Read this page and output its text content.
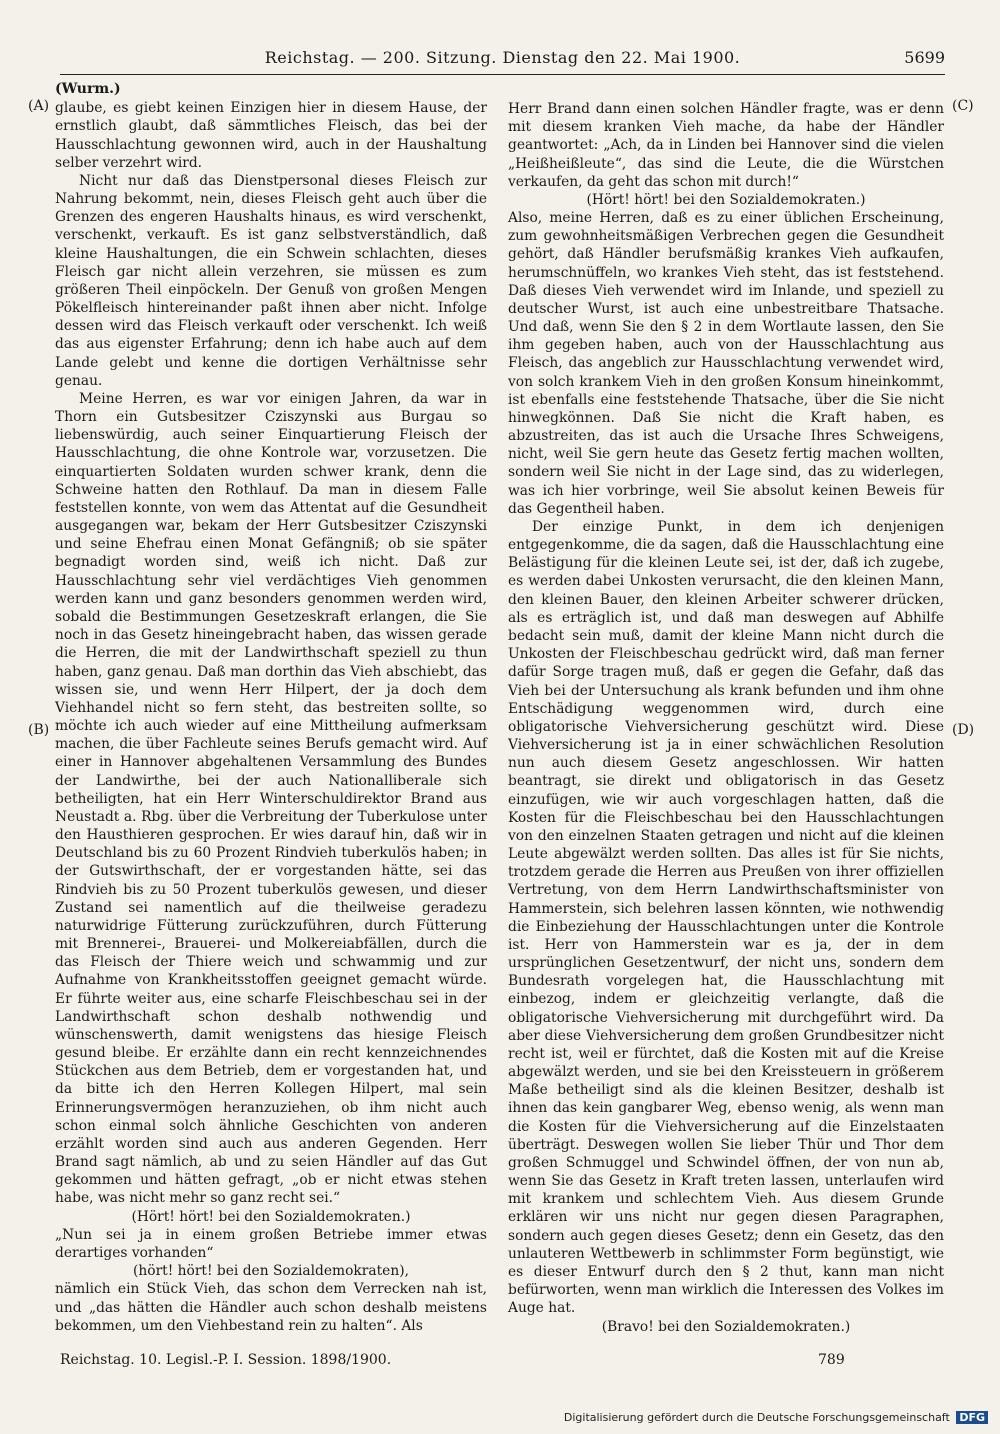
Reichstag. — 200. Sitzung. Dienstag den 22. Mai 1900.	5699
(A)
(B)
(C)
(D)
(Wurm.)

glaube, es giebt keinen Einzigen hier in diesem Hause, der ernstlich glaubt, daß sämmtliches Fleisch, das bei der Hausschlachtung gewonnen wird, auch in der Haushaltung selber verzehrt wird.

Nicht nur daß das Dienstpersonal dieses Fleisch zur Nahrung bekommt, nein, dieses Fleisch geht auch über die Grenzen des engeren Haushalts hinaus, es wird verschenkt, verschenkt, verkauft. Es ist ganz selbstverständlich, daß kleine Haushaltungen, die ein Schwein schlachten, dieses Fleisch gar nicht allein verzehren, sie müssen es zum größeren Theil einpöckeln. Der Genuß von großen Mengen Pökelfleisch hintereinander paßt ihnen aber nicht. Infolge dessen wird das Fleisch verkauft oder verschenkt. Ich weiß das aus eigenster Erfahrung; denn ich habe auch auf dem Lande gelebt und kenne die dortigen Verhältnisse sehr genau.

Meine Herren, es war vor einigen Jahren, da war in Thorn ein Gutsbesitzer Cziszynski aus Burgau so liebenswürdig, auch seiner Einquartierung Fleisch der Hausschlachtung, die ohne Kontrole war, vorzusetzen. Die einquartierten Soldaten wurden schwer krank, denn die Schweine hatten den Rothlauf. Da man in diesem Falle feststellen konnte, von wem das Attentat auf die Gesundheit ausgegangen war, bekam der Herr Gutsbesitzer Cziszynski und seine Ehefrau einen Monat Gefängniß; ob sie später begnadigt worden sind, weiß ich nicht. Daß zur Hausschlachtung sehr viel verdächtiges Vieh genommen werden kann und ganz besonders genommen werden wird, sobald die Bestimmungen Gesetzeskraft erlangen, die Sie noch in das Gesetz hineingebracht haben, das wissen gerade die Herren, die mit der Landwirthschaft speziell zu thun haben, ganz genau. Daß man dorthin das Vieh abschiebt, das wissen sie, und wenn Herr Hilpert, der ja doch dem Viehhandel nicht so fern steht, das bestreiten sollte, so möchte ich auch wieder auf eine Mittheilung aufmerksam machen, die über Fachleute seines Berufs gemacht wird. Auf einer in Hannover abgehaltenen Versammlung des Bundes der Landwirthe, bei der auch Nationalliberale sich betheiligten, hat ein Herr Winterschuldirektor Brand aus Neustadt a. Rbg. über die Verbreitung der Tuberkulose unter den Hausthieren gesprochen. Er wies darauf hin, daß wir in Deutschland bis zu 60 Prozent Rindvieh tuberkulös haben; in der Gutswirthschaft, der er vorgestanden hätte, sei das Rindvieh bis zu 50 Prozent tuberkulös gewesen, und dieser Zustand sei namentlich auf die theilweise geradezu naturwidrige Fütterung zurückzuführen, durch Fütterung mit Brennerei-, Brauerei- und Molkereiabfällen, durch die das Fleisch der Thiere weich und schwammig und zur Aufnahme von Krankheitsstoffen geeignet gemacht würde. Er führte weiter aus, eine scharfe Fleischbeschau sei in der Landwirthschaft schon deshalb nothwendig und wünschenswerth, damit wenigstens das hiesige Fleisch gesund bleibe. Er erzählte dann ein recht kennzeichnendes Stückchen aus dem Betrieb, dem er vorgestanden hat, und da bitte ich den Herren Kollegen Hilpert, mal sein Erinnerungsvermögen heranzuziehen, ob ihm nicht auch schon einmal solch ähnliche Geschichten von anderen erzählt worden sind auch aus anderen Gegenden. Herr Brand sagt nämlich, ab und zu seien Händler auf das Gut gekommen und hätten gefragt, „ob er nicht etwas stehen habe, was nicht mehr so ganz recht sei.“

(Hört! hört! bei den Sozialdemokraten.)

„Nun sei ja in einem großen Betriebe immer etwas derartiges vorhanden“

(hört! hört! bei den Sozialdemokraten),

nämlich ein Stück Vieh, das schon dem Verrecken nah ist, und „das hätten die Händler auch schon deshalb meistens bekommen, um den Viehbestand rein zu halten“. Als

Herr Brand dann einen solchen Händler fragte, was er denn mit diesem kranken Vieh mache, da habe der Händler geantwortet: „Ach, da in Linden bei Hannover sind die vielen „Heißheißleute“, das sind die Leute, die die Würstchen verkaufen, da geht das schon mit durch!“

(Hört! hört! bei den Sozialdemokraten.)

Also, meine Herren, daß es zu einer üblichen Erscheinung, zum gewohnheitsmäßigen Verbrechen gegen die Gesundheit gehört, daß Händler berufsmäßig krankes Vieh aufkaufen, herumschnüffeln, wo krankes Vieh steht, das ist feststehend. Daß dieses Vieh verwendet wird im Inlande, und speziell zu deutscher Wurst, ist auch eine unbestreitbare Thatsache. Und daß, wenn Sie den § 2 in dem Wortlaute lassen, den Sie ihm gegeben haben, auch von der Hausschlachtung aus Fleisch, das angeblich zur Hausschlachtung verwendet wird, von solch krankem Vieh in den großen Konsum hineinkommt, ist ebenfalls eine feststehende Thatsache, über die Sie nicht hinwegkönnen. Daß Sie nicht die Kraft haben, es abzustreiten, das ist auch die Ursache Ihres Schweigens, nicht, weil Sie gern heute das Gesetz fertig machen wollten, sondern weil Sie nicht in der Lage sind, das zu widerlegen, was ich hier vorbringe, weil Sie absolut keinen Beweis für das Gegentheil haben.

Der einzige Punkt, in dem ich denjenigen entgegenkomme, die da sagen, daß die Hausschlachtung eine Belästigung für die kleinen Leute sei, ist der, daß ich zugebe, es werden dabei Unkosten verursacht, die den kleinen Mann, den kleinen Bauer, den kleinen Arbeiter schwerer drücken, als es erträglich ist, und daß man deswegen auf Abhilfe bedacht sein muß, damit der kleine Mann nicht durch die Unkosten der Fleischbeschau gedrückt wird, daß man ferner dafür Sorge tragen muß, daß er gegen die Gefahr, daß das Vieh bei der Untersuchung als krank befunden und ihm ohne Entschädigung weggenommen wird, durch eine obligatorische Viehversicherung geschützt wird. Diese Viehversicherung ist ja in einer schwächlichen Resolution nun auch diesem Gesetz angeschlossen. Wir hatten beantragt, sie direkt und obligatorisch in das Gesetz einzufügen, wie wir auch vorgeschlagen hatten, daß die Kosten für die Fleischbeschau bei den Hausschlachtungen von den einzelnen Staaten getragen und nicht auf die kleinen Leute abgewälzt werden sollten. Das alles ist für Sie nichts, trotzdem gerade die Herren aus Preußen von ihrer offiziellen Vertretung, von dem Herrn Landwirthschaftsminister von Hammerstein, sich belehren lassen könnten, wie nothwendig die Einbeziehung der Hausschlachtungen unter die Kontrole ist. Herr von Hammerstein war es ja, der in dem ursprünglichen Gesetzentwurf, der nicht uns, sondern dem Bundesrath vorgelegen hat, die Hausschlachtung mit einbezog, indem er gleichzeitig verlangte, daß die obligatorische Viehversicherung mit durchgeführt wird. Da aber diese Viehversicherung dem großen Grundbesitzer nicht recht ist, weil er fürchtet, daß die Kosten mit auf die Kreise abgewälzt werden, und sie bei den Kreissteuern in größerem Maße betheiligt sind als die kleinen Besitzer, deshalb ist ihnen das kein gangbarer Weg, ebenso wenig, als wenn man die Kosten für die Viehversicherung auf die Einzelstaaten überträgt. Deswegen wollen Sie lieber Thür und Thor dem großen Schmuggel und Schwindel öffnen, der von nun ab, wenn Sie das Gesetz in Kraft treten lassen, unterlaufen wird mit krankem und schlechtem Vieh. Aus diesem Grunde erklären wir uns nicht nur gegen diesen Paragraphen, sondern auch gegen dieses Gesetz; denn ein Gesetz, das den unlauteren Wettbewerb in schlimmster Form begünstigt, wie es dieser Entwurf durch den § 2 thut, kann man nicht befürworten, wenn man wirklich die Interessen des Volkes im Auge hat.

(Bravo! bei den Sozialdemokraten.)

Reichstag. 10. Legisl.-P. I. Session. 1898/1900.	789
Digitalisierung gefördert durch die Deutsche Forschungsgemeinschaft DFG
